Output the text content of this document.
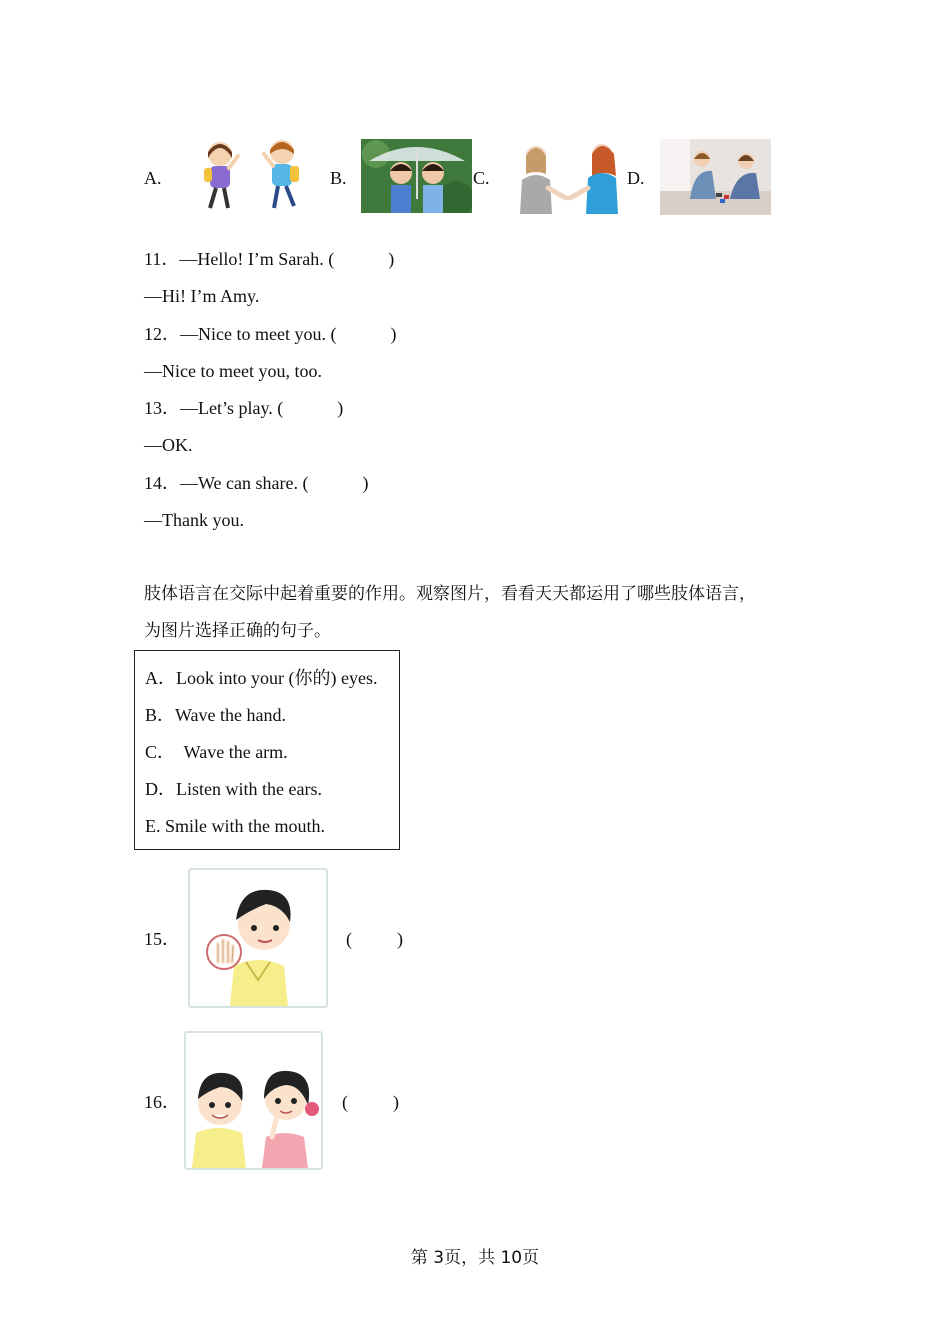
A.	B.	C.	D.
11．—Hello! I’m Sarah. (            )
—Hi! I’m Amy.
12．—Nice to meet you. (            )
—Nice to meet you, too.
13．—Let’s play. (            )
—OK.
14．—We can share. (            )
—Thank you.
肢体语言在交际中起着重要的作用。观察图片，看看天天都运用了哪些肢体语言，
为图片选择正确的句子。
A．Look into your (你的) eyes.
B．Wave the hand.
C．  Wave the arm.
D．Listen with the ears.
E. Smile with the mouth.
15．	(          )
16．	(          )
第 3页，共 10页
